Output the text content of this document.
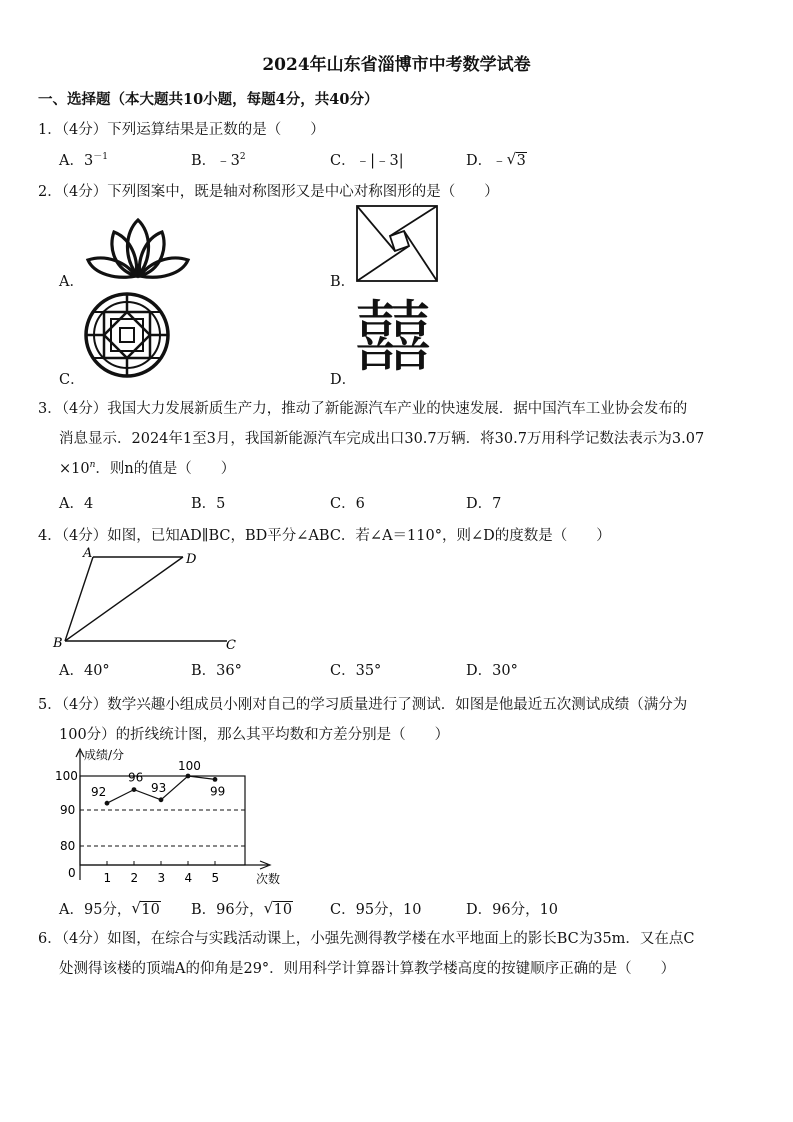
2024年山东省淄博市中考数学试卷
一、选择题（本大题共10小题，每题4分，共40分）
1．（4分）下列运算结果是正数的是（　　）
A．$3^{-1}$	B．$﹣3^2$	C．﹣|﹣3|	D．﹣ √ 3
2．（4分）下列图案中，既是轴对称图形又是中心对称图形的是（　　）
A．	B．
C．	D．
囍
3．（4分）我国大力发展新质生产力，推动了新能源汽车产业的快速发展．据中国汽车工业协会发布的
消息显示．2024年1至3月，我国新能源汽车完成出口30.7万辆．将30.7万用科学记数法表示为3.07
$\times 10^n$．则n的值是（　　）
A．4	B．5	C．6	D．7
4．（4分）如图，已知AD∥BC，BD平分∠ABC．若∠A＝110°，则∠D的度数是（　　）
A	D
B	C
A．40°	B．36°	C．35°	D．30°
5．（4分）数学兴趣小组成员小刚对自己的学习质量进行了测试．如图是他最近五次测试成绩（满分为
100分）的折线统计图，那么其平均数和方差分别是（　　）
80
90
100
1 2 3 4 5
92
96
93
100
99
成绩/分
次数
0
A．95分， √ 10 B．96分， √ 10	C．95分，10	D．96分，10
6．（4分）如图，在综合与实践活动课上，小强先测得教学楼在水平地面上的影长BC为35m．又在点C
处测得该楼的顶端A的仰角是29°．则用科学计算器计算教学楼高度的按键顺序正确的是（　　）
